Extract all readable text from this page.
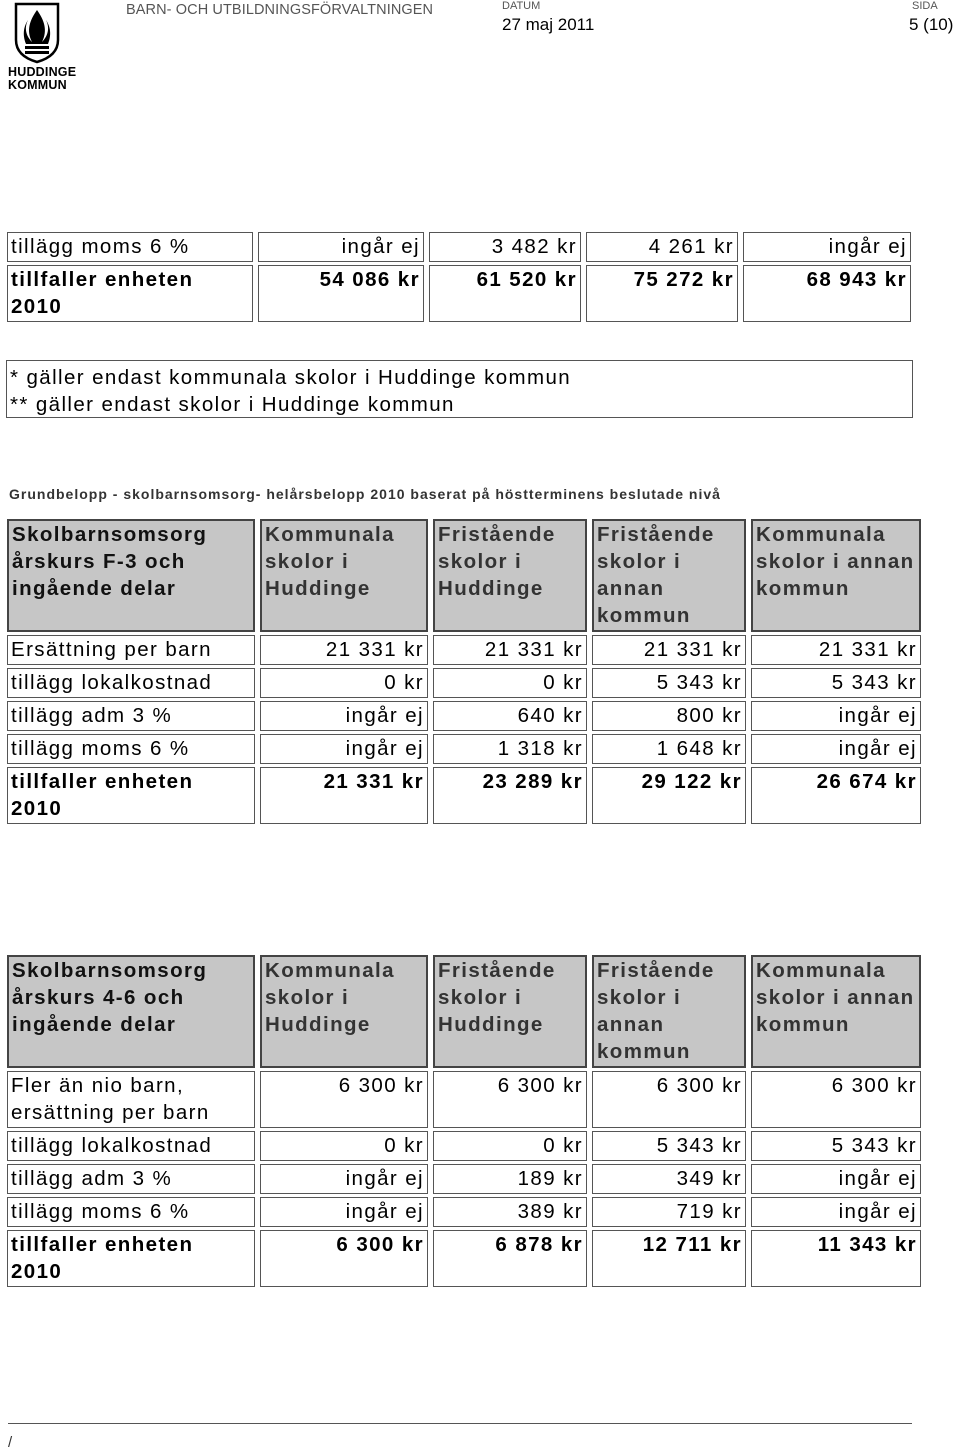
HUDDINGE
KOMMUN
BARN- OCH UTBILDNINGSFÖRVALTNINGEN	DATUM
27 maj 2011
SIDA
5 (10)
tillägg moms 6 %	ingår ej	3 482 kr	4 261 kr	ingår ej
tillfaller enheten 2010	54 086 kr	61 520 kr	75 272 kr	68 943 kr
* gäller endast kommunala skolor i Huddinge kommun
** gäller endast skolor i Huddinge kommun
Grundbelopp - skolbarnsomsorg- helårsbelopp 2010 baserat på höstterminens beslutade nivå
Skolbarnsomsorg årskurs F-3 och ingående delar	Kommunala skolor i Huddinge	Fristående skolor i Huddinge	Fristående skolor i annan kommun	Kommunala skolor i annan kommun
Ersättning per barn	21 331 kr	21 331 kr	21 331 kr	21 331 kr
tillägg lokalkostnad	0 kr	0 kr	5 343 kr	5 343 kr
tillägg adm 3 %	ingår ej	640 kr	800 kr	ingår ej
tillägg moms 6 %	ingår ej	1 318 kr	1 648 kr	ingår ej
tillfaller enheten 2010	21 331 kr	23 289 kr	29 122 kr	26 674 kr
Skolbarnsomsorg årskurs 4-6 och ingående delar	Kommunala skolor i Huddinge	Fristående skolor i Huddinge	Fristående skolor i annan kommun	Kommunala skolor i annan kommun
Fler än nio barn, ersättning per barn	6 300 kr	6 300 kr	6 300 kr	6 300 kr
tillägg lokalkostnad	0 kr	0 kr	5 343 kr	5 343 kr
tillägg adm 3 %	ingår ej	189 kr	349 kr	ingår ej
tillägg moms 6 %	ingår ej	389 kr	719 kr	ingår ej
tillfaller enheten 2010	6 300 kr	6 878 kr	12 711 kr	11 343 kr
/
